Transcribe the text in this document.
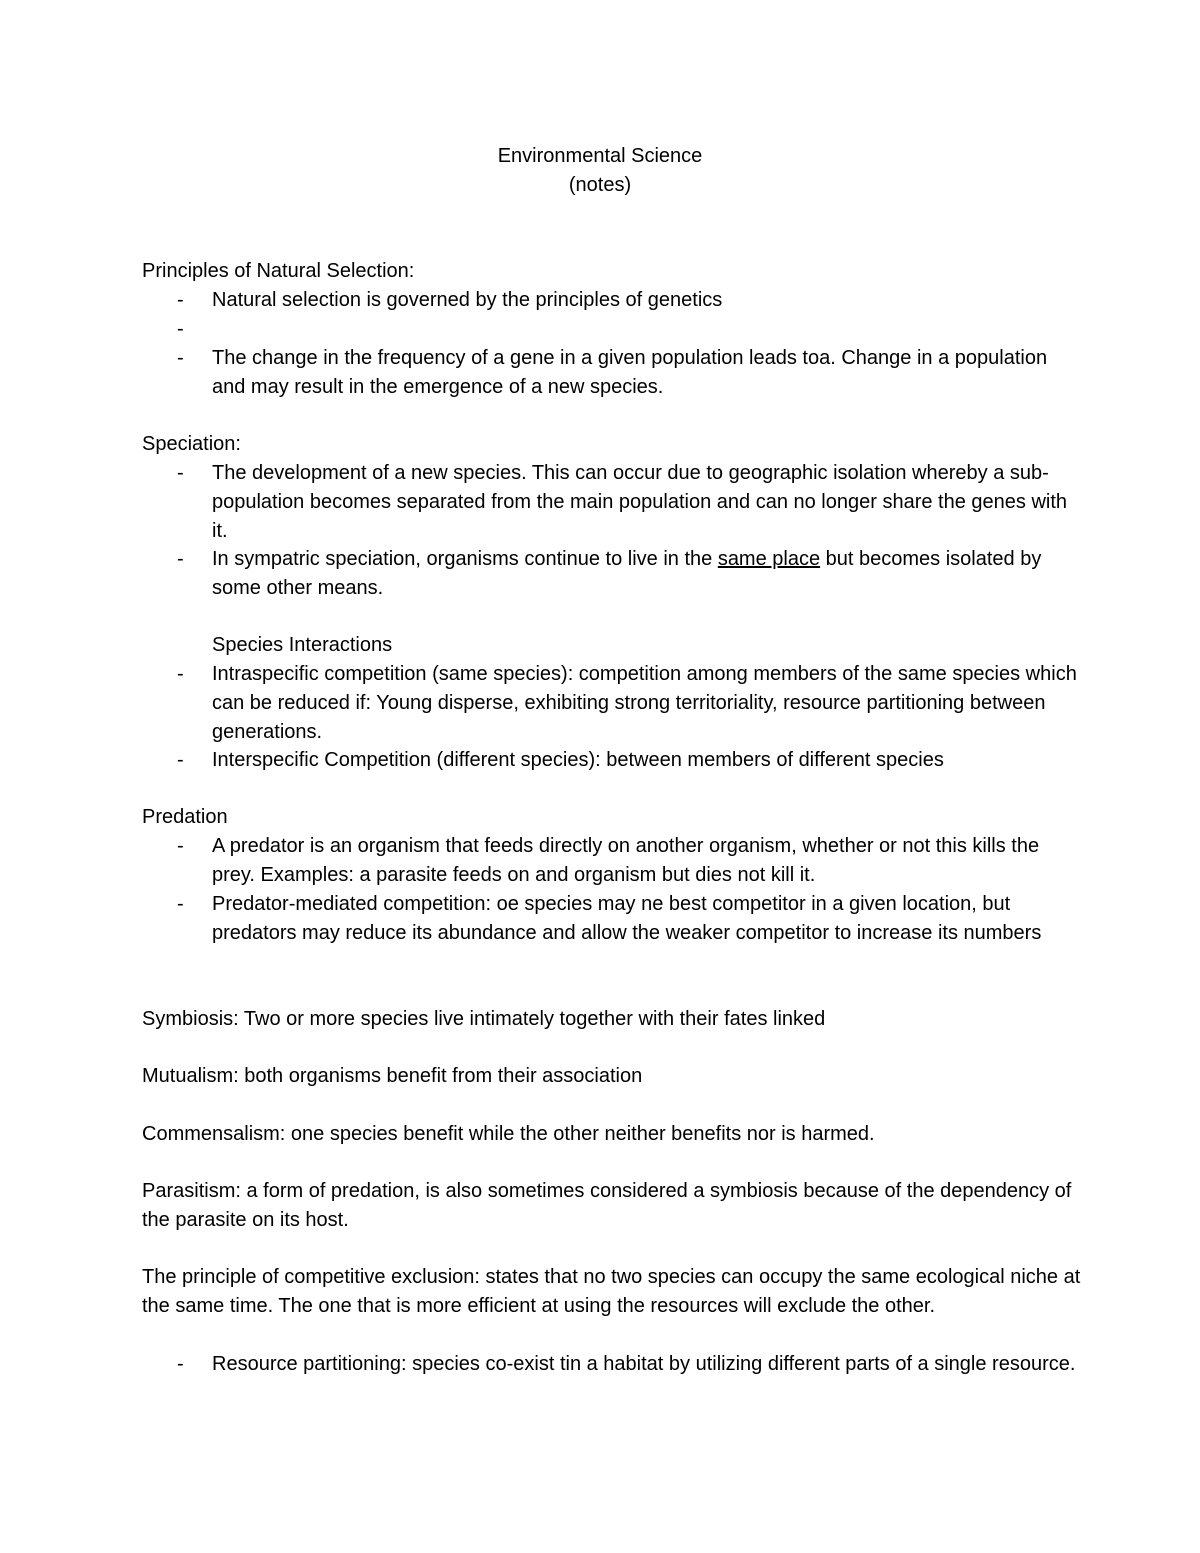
Environmental Science
(notes)
Principles of Natural Selection:
-	Natural selection is governed by the principles of genetics
-
-	The change in the frequency of a gene in a given population leads toa. Change in a population and may result in the emergence of a new species.
Speciation:
-	The development of a new species. This can occur due to geographic isolation whereby a sub-population becomes separated from the main population and can no longer share the genes with it.
-	In sympatric speciation, organisms continue to live in the same place but becomes isolated by some other means.
Species Interactions
-	Intraspecific competition (same species): competition among members of the same species which can be reduced if: Young disperse, exhibiting strong territoriality, resource partitioning between generations.
-	Interspecific Competition (different species): between members of different species
Predation
-	A predator is an organism that feeds directly on another organism, whether or not this kills the prey. Examples: a parasite feeds on and organism but dies not kill it.
-	Predator-mediated competition: oe species may ne best competitor in a given location, but predators may reduce its abundance and allow the weaker competitor to increase its numbers
Symbiosis: Two or more species live intimately together with their fates linked
Mutualism: both organisms benefit from their association
Commensalism: one species benefit while the other neither benefits nor is harmed.
Parasitism: a form of predation, is also sometimes considered a symbiosis because of the dependency of the parasite on its host.
The principle of competitive exclusion: states that no two species can occupy the same ecological niche at the same time. The one that is more efficient at using the resources will exclude the other.
-	Resource partitioning: species co-exist tin a habitat by utilizing different parts of a single resource.
